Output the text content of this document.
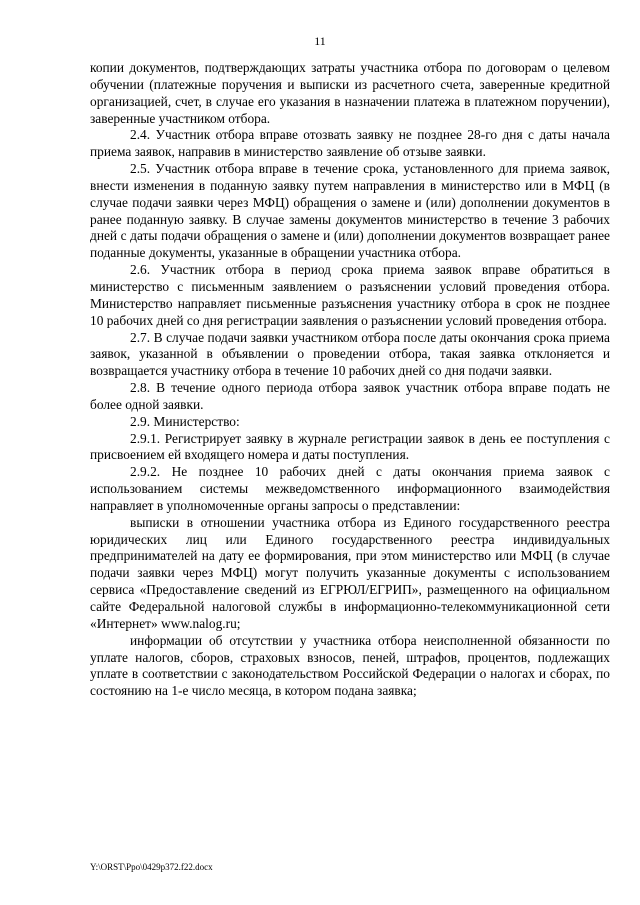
11

копии документов, подтверждающих затраты участника отбора по договорам о целевом обучении (платежные поручения и выписки из расчетного счета, заверенные кредитной организацией, счет, в случае его указания в назначении платежа в платежном поручении), заверенные участником отбора.

2.4. Участник отбора вправе отозвать заявку не позднее 28-го дня с даты начала приема заявок, направив в министерство заявление об отзыве заявки.

2.5. Участник отбора вправе в течение срока, установленного для приема заявок, внести изменения в поданную заявку путем направления в министерство или в МФЦ (в случае подачи заявки через МФЦ) обращения о замене и (или) дополнении документов в ранее поданную заявку. В случае замены документов министерство в течение 3 рабочих дней с даты подачи обращения о замене и (или) дополнении документов возвращает ранее поданные документы, указанные в обращении участника отбора.

2.6. Участник отбора в период срока приема заявок вправе обратиться в министерство с письменным заявлением о разъяснении условий проведения отбора. Министерство направляет письменные разъяснения участнику отбора в срок не позднее 10 рабочих дней со дня регистрации заявления о разъяснении условий проведения отбора.

2.7. В случае подачи заявки участником отбора после даты окончания срока приема заявок, указанной в объявлении о проведении отбора, такая заявка отклоняется и возвращается участнику отбора в течение 10 рабочих дней со дня подачи заявки.

2.8. В течение одного периода отбора заявок участник отбора вправе подать не более одной заявки.

2.9. Министерство:

2.9.1. Регистрирует заявку в журнале регистрации заявок в день ее поступления с присвоением ей входящего номера и даты поступления.

2.9.2. Не позднее 10 рабочих дней с даты окончания приема заявок с использованием системы межведомственного информационного взаимодействия направляет в уполномоченные органы запросы о представлении:

выписки в отношении участника отбора из Единого государственного реестра юридических лиц или Единого государственного реестра индивидуальных предпринимателей на дату ее формирования, при этом министерство или МФЦ (в случае подачи заявки через МФЦ) могут получить указанные документы с использованием сервиса «Предоставление сведений из ЕГРЮЛ/ЕГРИП», размещенного на официальном сайте Федеральной налоговой службы в информационно-телекоммуникационной сети «Интернет» www.nalog.ru;

информации об отсутствии у участника отбора неисполненной обязанности по уплате налогов, сборов, страховых взносов, пеней, штрафов, процентов, подлежащих уплате в соответствии с законодательством Российской Федерации о налогах и сборах, по состоянию на 1-е число месяца, в котором подана заявка;

Y:\ORST\Ppo\0429p372.f22.docx
